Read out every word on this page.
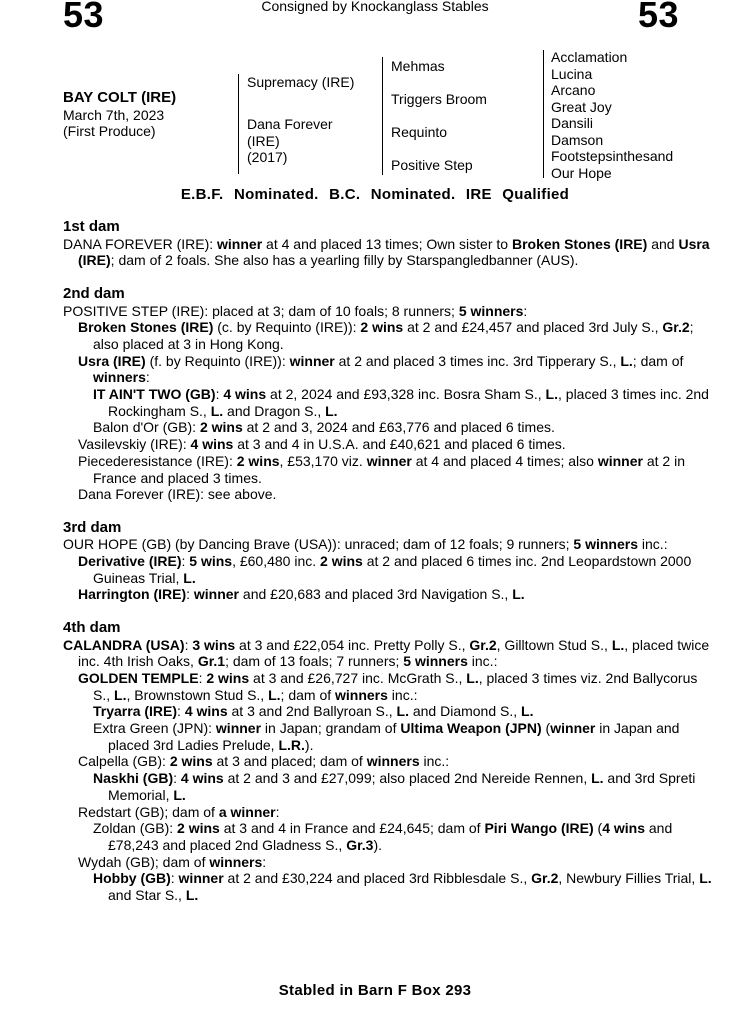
53	Consigned by Knockanglass Stables	53
BAY COLT (IRE)
March 7th, 2023
(First Produce)
Supremacy (IRE)
Dana Forever
(IRE)
(2017)
Mehmas
Triggers Broom
Requinto
Positive Step
Acclamation
Lucina
Arcano
Great Joy
Dansili
Damson
Footstepsinthesand
Our Hope
E.B.F. Nominated. B.C. Nominated. IRE Qualified
1st dam
DANA FOREVER (IRE): winner at 4 and placed 13 times; Own sister to Broken Stones (IRE) and Usra (IRE); dam of 2 foals. She also has a yearling filly by Starspangledbanner (AUS).
2nd dam
POSITIVE STEP (IRE): placed at 3; dam of 10 foals; 8 runners; 5 winners:
Broken Stones (IRE) (c. by Requinto (IRE)): 2 wins at 2 and £24,457 and placed 3rd July S., Gr.2; also placed at 3 in Hong Kong.
Usra (IRE) (f. by Requinto (IRE)): winner at 2 and placed 3 times inc. 3rd Tipperary S., L.; dam of winners:
IT AIN'T TWO (GB): 4 wins at 2, 2024 and £93,328 inc. Bosra Sham S., L., placed 3 times inc. 2nd Rockingham S., L. and Dragon S., L.
Balon d'Or (GB): 2 wins at 2 and 3, 2024 and £63,776 and placed 6 times.
Vasilevskiy (IRE): 4 wins at 3 and 4 in U.S.A. and £40,621 and placed 6 times.
Piecederesistance (IRE): 2 wins, £53,170 viz. winner at 4 and placed 4 times; also winner at 2 in France and placed 3 times.
Dana Forever (IRE): see above.
3rd dam
OUR HOPE (GB) (by Dancing Brave (USA)): unraced; dam of 12 foals; 9 runners; 5 winners inc.:
Derivative (IRE): 5 wins, £60,480 inc. 2 wins at 2 and placed 6 times inc. 2nd Leopardstown 2000 Guineas Trial, L.
Harrington (IRE): winner and £20,683 and placed 3rd Navigation S., L.
4th dam
CALANDRA (USA): 3 wins at 3 and £22,054 inc. Pretty Polly S., Gr.2, Gilltown Stud S., L., placed twice inc. 4th Irish Oaks, Gr.1; dam of 13 foals; 7 runners; 5 winners inc.:
GOLDEN TEMPLE: 2 wins at 3 and £26,727 inc. McGrath S., L., placed 3 times viz. 2nd Ballycorus S., L., Brownstown Stud S., L.; dam of winners inc.:
Tryarra (IRE): 4 wins at 3 and 2nd Ballyroan S., L. and Diamond S., L.
Extra Green (JPN): winner in Japan; grandam of Ultima Weapon (JPN) (winner in Japan and placed 3rd Ladies Prelude, L.R.).
Calpella (GB): 2 wins at 3 and placed; dam of winners inc.:
Naskhi (GB): 4 wins at 2 and 3 and £27,099; also placed 2nd Nereide Rennen, L. and 3rd Spreti Memorial, L.
Redstart (GB); dam of a winner:
Zoldan (GB): 2 wins at 3 and 4 in France and £24,645; dam of Piri Wango (IRE) (4 wins and £78,243 and placed 2nd Gladness S., Gr.3).
Wydah (GB); dam of winners:
Hobby (GB): winner at 2 and £30,224 and placed 3rd Ribblesdale S., Gr.2, Newbury Fillies Trial, L. and Star S., L.
Stabled in Barn F Box 293
